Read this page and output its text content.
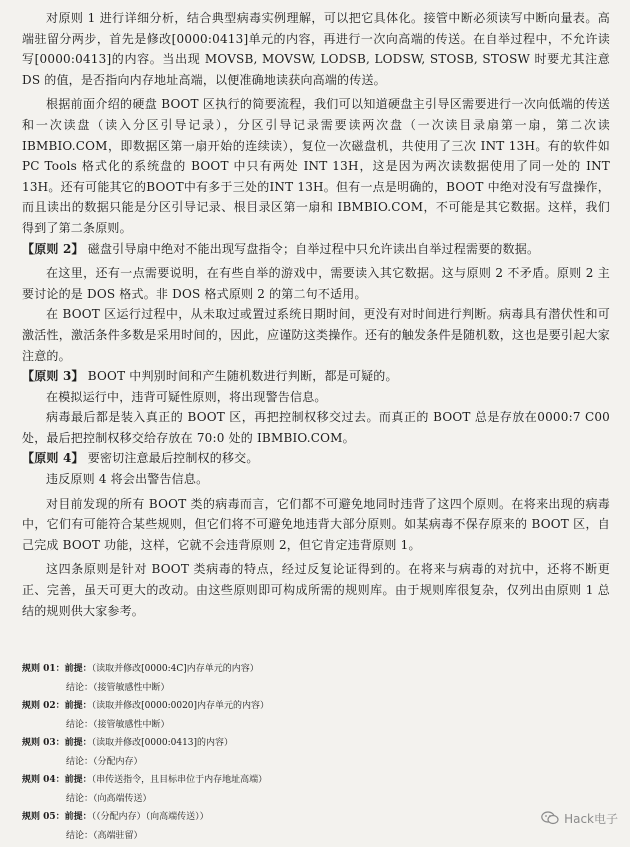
对原则 1 进行详细分析，结合典型病毒实例理解，可以把它具体化。接管中断必须读写中断向量表。高端驻留分两步，首先是修改[0000:0413]单元的内容，再进行一次向高端的传送。在自举过程中，不允许读写[0000:0413]的内容。当出现 MOVSB, MOVSW, LODSB, LODSW, STOSB, STOSW 时要尤其注意 DS 的值，是否指向内存地址高端，以便准确地读获向高端的传送。

根据前面介绍的硬盘 BOOT 区执行的简要流程，我们可以知道硬盘主引导区需要进行一次向低端的传送和一次读盘（读入分区引导记录），分区引导记录需要读两次盘（一次读目录扇第一扇，第二次读 IBMBIO.COM，即数据区第一扇开始的连续读），复位一次磁盘机，共使用了三次 INT 13H。有的软件如PC Tools 格式化的系统盘的 BOOT 中只有两处 INT 13H，这是因为两次读数据使用了同一处的 INT 13H。还有可能其它的BOOT中有多于三处的INT 13H。但有一点是明确的，BOOT 中绝对没有写盘操作，而且读出的数据只能是分区引导记录、根目录区第一扇和 IBMBIO.COM，不可能是其它数据。这样，我们得到了第二条原则。

【原则 2】 磁盘引导扇中绝对不能出现写盘指令；自举过程中只允许读出自举过程需要的数据。

在这里，还有一点需要说明，在有些自举的游戏中，需要读入其它数据。这与原则 2 不矛盾。原则 2 主要讨论的是 DOS 格式。非 DOS 格式原则 2 的第二句不适用。

在 BOOT 区运行过程中，从未取过或置过系统日期时间，更没有对时间进行判断。病毒具有潜伏性和可激活性，激活条件多数是采用时间的，因此，应谨防这类操作。还有的触发条件是随机数，这也是要引起大家注意的。

【原则 3】 BOOT 中判别时间和产生随机数进行判断，都是可疑的。

在模拟运行中，违背可疑性原则，将出现警告信息。

病毒最后都是装入真正的 BOOT 区，再把控制权移交过去。而真正的 BOOT 总是存放在0000:7 C00 处，最后把控制权移交给存放在 70:0 处的 IBMBIO.COM。

【原则 4】 要密切注意最后控制权的移交。

违反原则 4 将会出警告信息。

对目前发现的所有 BOOT 类的病毒而言，它们都不可避免地同时违背了这四个原则。在将来出现的病毒中，它们有可能符合某些规则，但它们将不可避免地违背大部分原则。如某病毒不保存原来的 BOOT 区，自己完成 BOOT 功能，这样，它就不会违背原则 2，但它肯定违背原则 1。

这四条原则是针对 BOOT 类病毒的特点，经过反复论证得到的。在将来与病毒的对抗中，还将不断更正、完善，虽天可更大的改动。由这些原则即可构成所需的规则库。由于规则库很复杂，仅列出由原则 1 总结的规则供大家参考。

规则 01：前提：（读取并修改[0000:4C]内存单元的内容）

结论：（接管敏感性中断）

规则 02：前提：（读取并修改[0000:0020]内存单元的内容）

结论：（接管敏感性中断）

规则 03：前提：（读取并修改[0000:0413]的内容）

结论：（分配内存）

规则 04：前提：（串传送指令，且目标串位于内存地址高端）

结论：（向高端传送）

规则 05：前提：（（分配内存）（向高端传送））

结论：（高端驻留）

Hack电子
